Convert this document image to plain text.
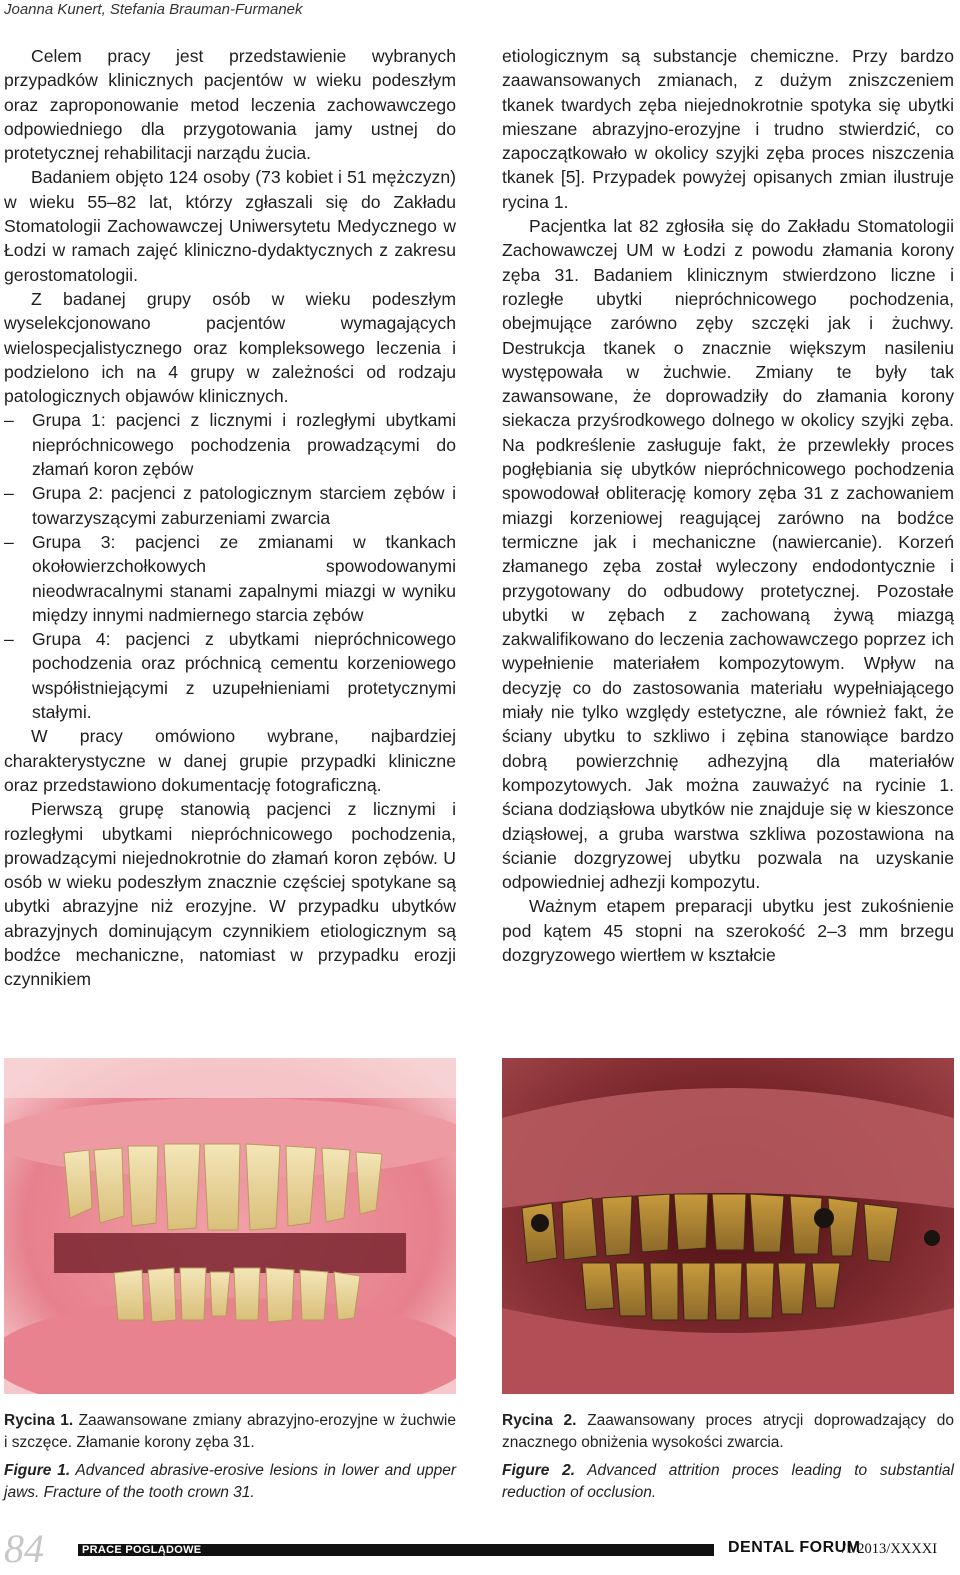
Joanna Kunert, Stefania Brauman-Furmanek

Celem pracy jest przedstawienie wybranych przypadków klinicznych pacjentów w wieku podeszłym oraz zaproponowanie metod leczenia zachowawczego odpowiedniego dla przygotowania jamy ustnej do protetycznej rehabilitacji narządu żucia.

Badaniem objęto 124 osoby (73 kobiet i 51 mężczyzn) w wieku 55–82 lat, którzy zgłaszali się do Zakładu Stomatologii Zachowawczej Uniwersytetu Medycznego w Łodzi w ramach zajęć kliniczno-dydaktycznych z zakresu gerostomatologii.

Z badanej grupy osób w wieku podeszłym wyselekcjonowano pacjentów wymagających wielospecjalistycznego oraz kompleksowego leczenia i podzielono ich na 4 grupy w zależności od rodzaju patologicznych objawów klinicznych.

– Grupa 1: pacjenci z licznymi i rozległymi ubytkami niepróchnicowego pochodzenia prowadzącymi do złamań koron zębów
– Grupa 2: pacjenci z patologicznym starciem zębów i towarzyszącymi zaburzeniami zwarcia
– Grupa 3: pacjenci ze zmianami w tkankach okołowierzchołkowych spowodowanymi nieodwracalnymi stanami zapalnymi miazgi w wyniku między innymi nadmiernego starcia zębów
– Grupa 4: pacjenci z ubytkami niepróchnicowego pochodzenia oraz próchnicą cementu korzeniowego współistniejącymi z uzupełnieniami protetycznymi stałymi.

W pracy omówiono wybrane, najbardziej charakterystyczne w danej grupie przypadki kliniczne oraz przedstawiono dokumentację fotograficzną.

Pierwszą grupę stanowią pacjenci z licznymi i rozległymi ubytkami niepróchnicowego pochodzenia, prowadzącymi niejednokrotnie do złamań koron zębów. U osób w wieku podeszłym znacznie częściej spotykane są ubytki abrazyjne niż erozyjne. W przypadku ubytków abrazyjnych dominującym czynnikiem etiologicznym są bodźce mechaniczne, natomiast w przypadku erozji czynnikiem

etiologicznym są substancje chemiczne. Przy bardzo zaawansowanych zmianach, z dużym zniszczeniem tkanek twardych zęba niejednokrotnie spotyka się ubytki mieszane abrazyjno-erozyjne i trudno stwierdzić, co zapoczątkowało w okolicy szyjki zęba proces niszczenia tkanek [5]. Przypadek powyżej opisanych zmian ilustruje rycina 1.

Pacjentka lat 82 zgłosiła się do Zakładu Stomatologii Zachowawczej UM w Łodzi z powodu złamania korony zęba 31. Badaniem klinicznym stwierdzono liczne i rozległe ubytki niepróchnicowego pochodzenia, obejmujące zarówno zęby szczęki jak i żuchwy. Destrukcja tkanek o znacznie większym nasileniu występowała w żuchwie. Zmiany te były tak zawansowane, że doprowadziły do złamania korony siekacza przyśrodkowego dolnego w okolicy szyjki zęba. Na podkreślenie zasługuje fakt, że przewlekły proces pogłębiania się ubytków niepróchnicowego pochodzenia spowodował obliterację komory zęba 31 z zachowaniem miazgi korzeniowej reagującej zarówno na bodźce termiczne jak i mechaniczne (nawiercanie). Korzeń złamanego zęba został wyleczony endodontycznie i przygotowany do odbudowy protetycznej. Pozostałe ubytki w zębach z zachowaną żywą miazgą zakwalifikowano do leczenia zachowawczego poprzez ich wypełnienie materiałem kompozytowym. Wpływ na decyzję co do zastosowania materiału wypełniającego miały nie tylko względy estetyczne, ale również fakt, że ściany ubytku to szkliwo i zębina stanowiące bardzo dobrą powierzchnię adhezyjną dla materiałów kompozytowych. Jak można zauważyć na rycinie 1. ściana dodziąsłowa ubytków nie znajduje się w kieszonce dziąsłowej, a gruba warstwa szkliwa pozostawiona na ścianie dozgryzowej ubytku pozwala na uzyskanie odpowiedniej adhezji kompozytu.

Ważnym etapem preparacji ubytku jest zukośnienie pod kątem 45 stopni na szerokość 2–3 mm brzegu dozgryzowego wiertłem w kształcie

Rycina 1. Zaawansowane zmiany abrazyjno-erozyjne w żuchwie i szczęce. Złamanie korony zęba 31.
Figure 1. Advanced abrasive-erosive lesions in lower and upper jaws. Fracture of the tooth crown 31.
Rycina 2. Zaawansowany proces atrycji doprowadzający do znacznego obniżenia wysokości zwarcia.
Figure 2. Advanced attrition proces leading to substantial reduction of occlusion.
84	PRACE POGLĄDOWE	DENTAL FORUM
/1/2013/XXXXI
